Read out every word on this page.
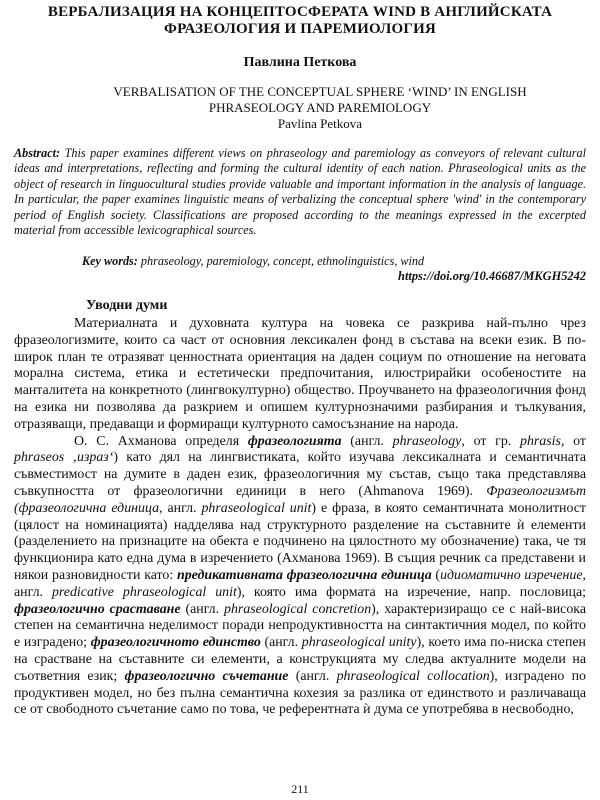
ВЕРБАЛИЗАЦИЯ НА КОНЦЕПТОСФЕРАТА WIND В АНГЛИЙСКАТА
ФРАЗЕОЛОГИЯ И ПАРЕМИОЛОГИЯ
Павлина Петкова
VERBALISATION OF THE CONCEPTUAL SPHERE ‘WIND’ IN ENGLISH
PHRASEOLOGY AND PAREMIOLOGY
Pavlina Petkova
Abstract: This paper examines different views on phraseology and paremiology as conveyors of relevant cultural ideas and interpretations, reflecting and forming the cultural identity of each nation. Phraseological units as the object of research in linguocultural studies provide valuable and important information in the analysis of language. In particular, the paper examines linguistic means of verbalizing the conceptual sphere 'wind' in the contemporary period of English society. Classifications are proposed according to the meanings expressed in the excerpted material from accessible lexicographical sources.
Key words: phraseology, paremiology, concept, ethnolinguistics, wind
https://doi.org/10.46687/MKGH5242
Уводни думи

Материалната и духовната култура на човека се разкрива най-пълно чрез фразеологизмите, които са част от основния лексикален фонд в състава на всеки език. В по-широк план те отразяват ценностната ориентация на даден социум по отношение на неговата морална система, етика и естетически предпочитания, илюстрирайки особеностите на манталитета на конкретното (лингвокултурно) общество. Проучването на фразеологичния фонд на езика ни позволява да разкрием и опишем културнозначими разбирания и тълкувания, отразяващи, предаващи и формиращи културното самосъзнание на народа.

О. С. Ахманова определя фразеологията (англ. phraseology, от гр. phrasis, от phraseos ‚израз‘) като дял на лингвистиката, който изучава лексикалната и семантичната съвместимост на думите в даден език, фразеологичния му състав, също така представлява съвкупността от фразеологични единици в него (Ahmanova 1969). Фразеологизмът (фразеологична единица, англ. phraseological unit) е фраза, в която семантичната монолитност (цялост на номинацията) надделява над структурното разделение на съставните ѝ елементи (разделението на признаците на обекта е подчинено на цялостното му обозначение) така, че тя функционира като една дума в изречението (Ахманова 1969). В същия речник са представени и някои разновидности като: предикативната фразеологична единица (идиоматично изречение, англ. predicative phraseological unit), която има формата на изречение, напр. пословица; фразеологично сраставане (англ. phraseological concretion), характеризиращо се с най-висока степен на семантична неделимост поради непродуктивността на синтактичния модел, по който е изградено; фразеологичното единство (англ. phraseological unity), което има по-ниска степен на срастване на съставните си елементи, а конструкцията му следва актуалните модели на съответния език; фразеологично съчетание (англ. phraseological collocation), изградено по продуктивен модел, но без пълна семантична кохезия за разлика от единството и различаваща се от свободното съчетание само по това, че референтната ѝ дума се употребява в несвободно,

211
